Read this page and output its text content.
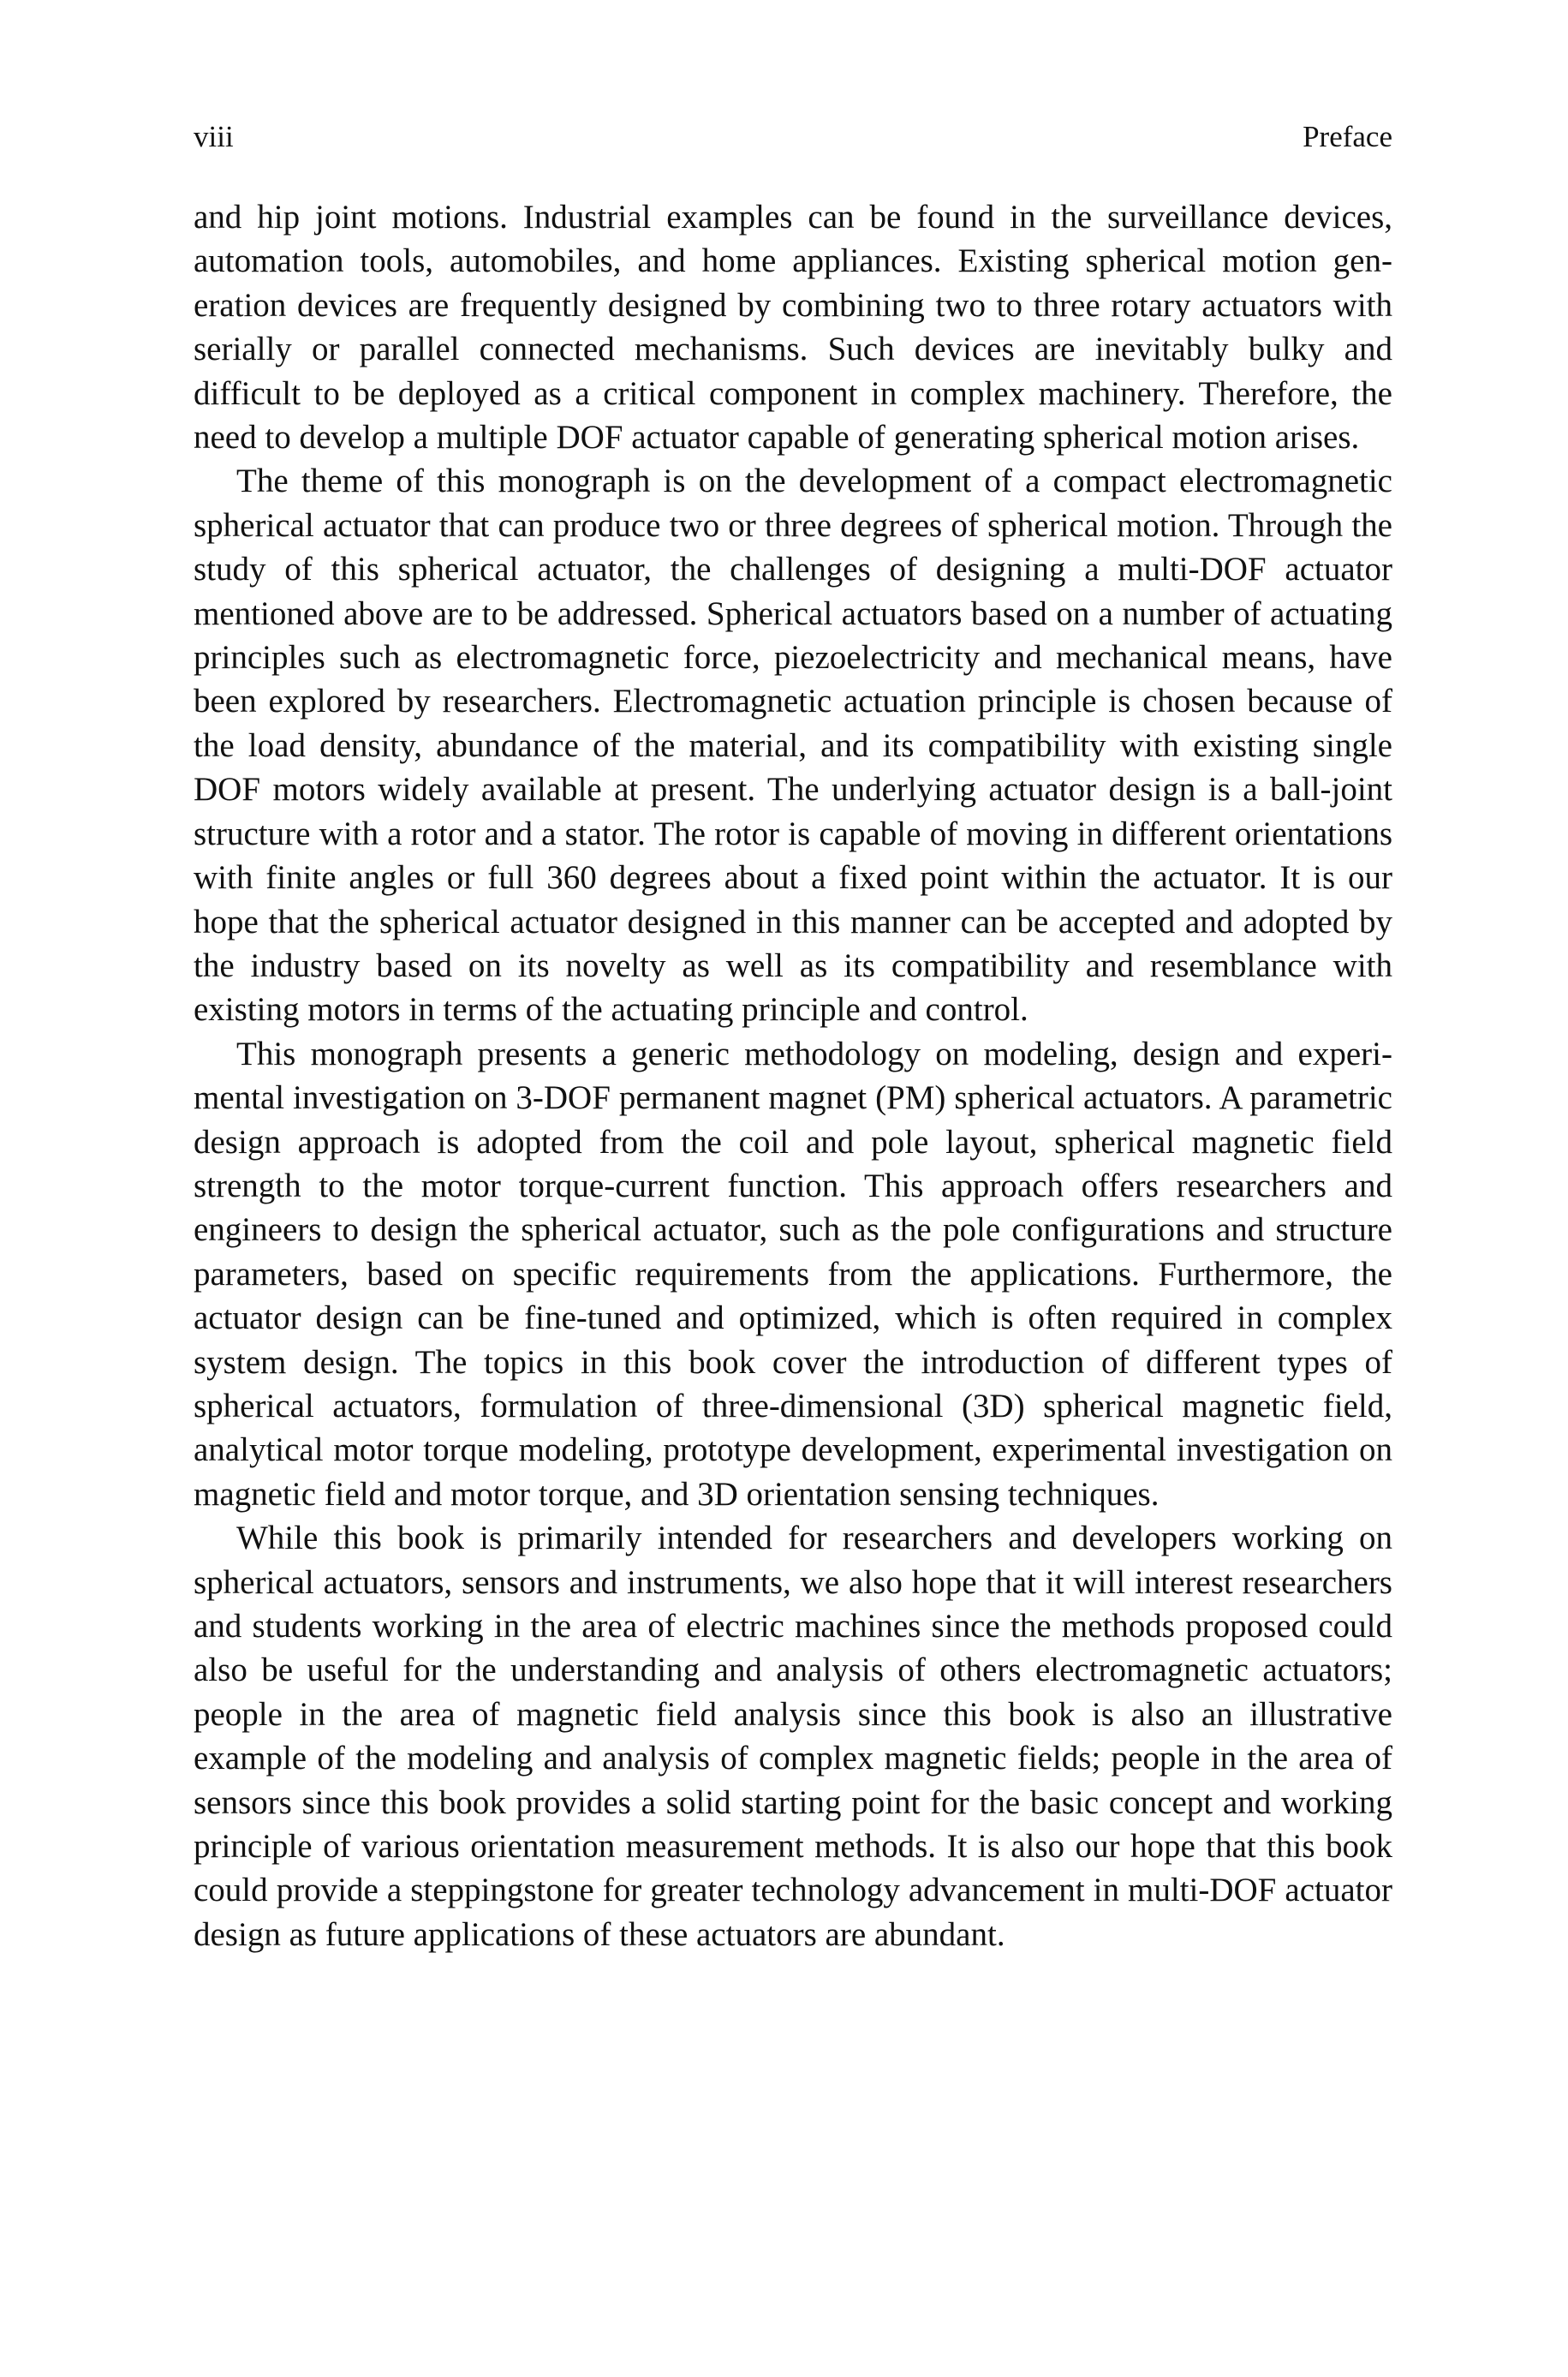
viii	Preface

and hip joint motions. Industrial examples can be found in the surveillance devices, automation tools, automobiles, and home appliances. Existing spherical motion generation devices are frequently designed by combining two to three rotary actuators with serially or parallel connected mechanisms. Such devices are inevitably bulky and difficult to be deployed as a critical component in complex machinery. Therefore, the need to develop a multiple DOF actuator capable of generating spherical motion arises.

The theme of this monograph is on the development of a compact electromagnetic spherical actuator that can produce two or three degrees of spherical motion. Through the study of this spherical actuator, the challenges of designing a multi-DOF actuator mentioned above are to be addressed. Spherical actuators based on a number of actuating principles such as electromagnetic force, piezoelectricity and mechanical means, have been explored by researchers. Electromagnetic actuation principle is chosen because of the load density, abundance of the material, and its compatibility with existing single DOF motors widely available at present. The underlying actuator design is a ball-joint structure with a rotor and a stator. The rotor is capable of moving in different orientations with finite angles or full 360 degrees about a fixed point within the actuator. It is our hope that the spherical actuator designed in this manner can be accepted and adopted by the industry based on its novelty as well as its compatibility and resemblance with existing motors in terms of the actuating principle and control.

This monograph presents a generic methodology on modeling, design and experimental investigation on 3-DOF permanent magnet (PM) spherical actuators. A parametric design approach is adopted from the coil and pole layout, spherical magnetic field strength to the motor torque-current function. This approach offers researchers and engineers to design the spherical actuator, such as the pole configurations and structure parameters, based on specific requirements from the applications. Furthermore, the actuator design can be fine-tuned and optimized, which is often required in complex system design. The topics in this book cover the introduction of different types of spherical actuators, formulation of three-dimensional (3D) spherical magnetic field, analytical motor torque modeling, prototype development, experimental investigation on magnetic field and motor torque, and 3D orientation sensing techniques.

While this book is primarily intended for researchers and developers working on spherical actuators, sensors and instruments, we also hope that it will interest researchers and students working in the area of electric machines since the methods proposed could also be useful for the understanding and analysis of others electromagnetic actuators; people in the area of magnetic field analysis since this book is also an illustrative example of the modeling and analysis of complex magnetic fields; people in the area of sensors since this book provides a solid starting point for the basic concept and working principle of various orientation measurement methods. It is also our hope that this book could provide a steppingstone for greater technology advancement in multi-DOF actuator design as future applications of these actuators are abundant.
